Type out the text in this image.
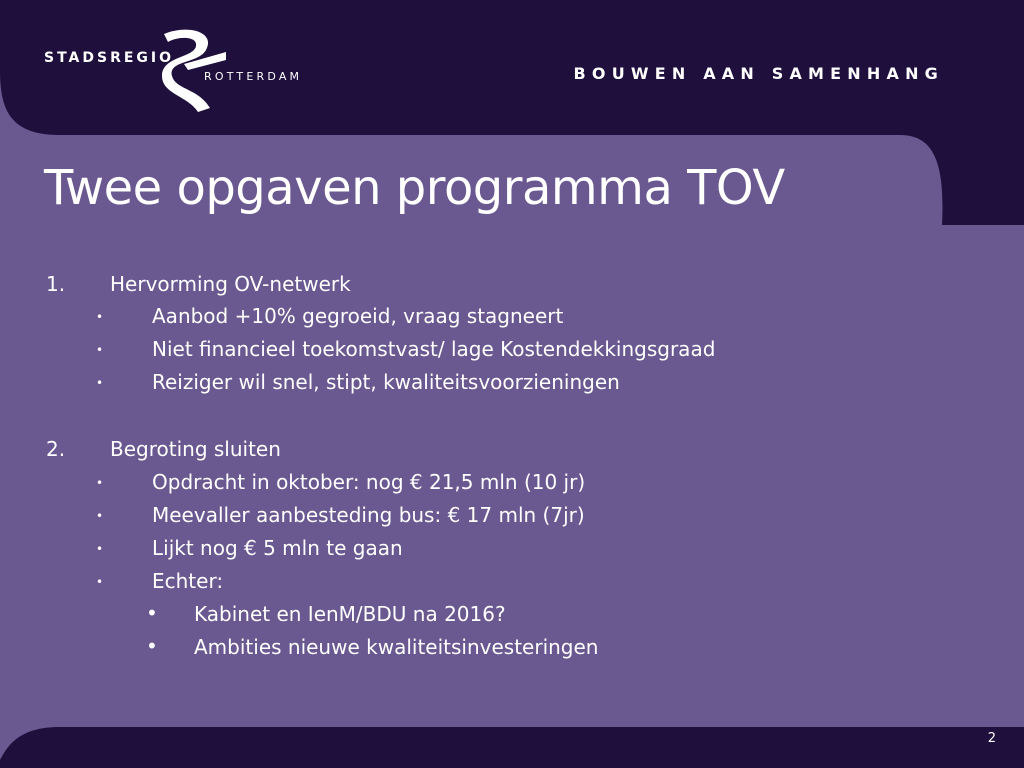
STADSREGIO
ROTTERDAM	BOUWEN AAN SAMENHANG
Twee opgaven programma TOV
1. Hervorming OV-netwerk
• Aanbod +10% gegroeid, vraag stagneert
• Niet financieel toekomstvast/ lage Kostendekkingsgraad
• Reiziger wil snel, stipt, kwaliteitsvoorzieningen
2. Begroting sluiten
• Opdracht in oktober: nog € 21,5 mln (10 jr)
• Meevaller aanbesteding bus: € 17 mln (7jr)
• Lijkt nog € 5 mln te gaan
• Echter:
• Kabinet en IenM/BDU na 2016?
• Ambities nieuwe kwaliteitsinvesteringen
2
